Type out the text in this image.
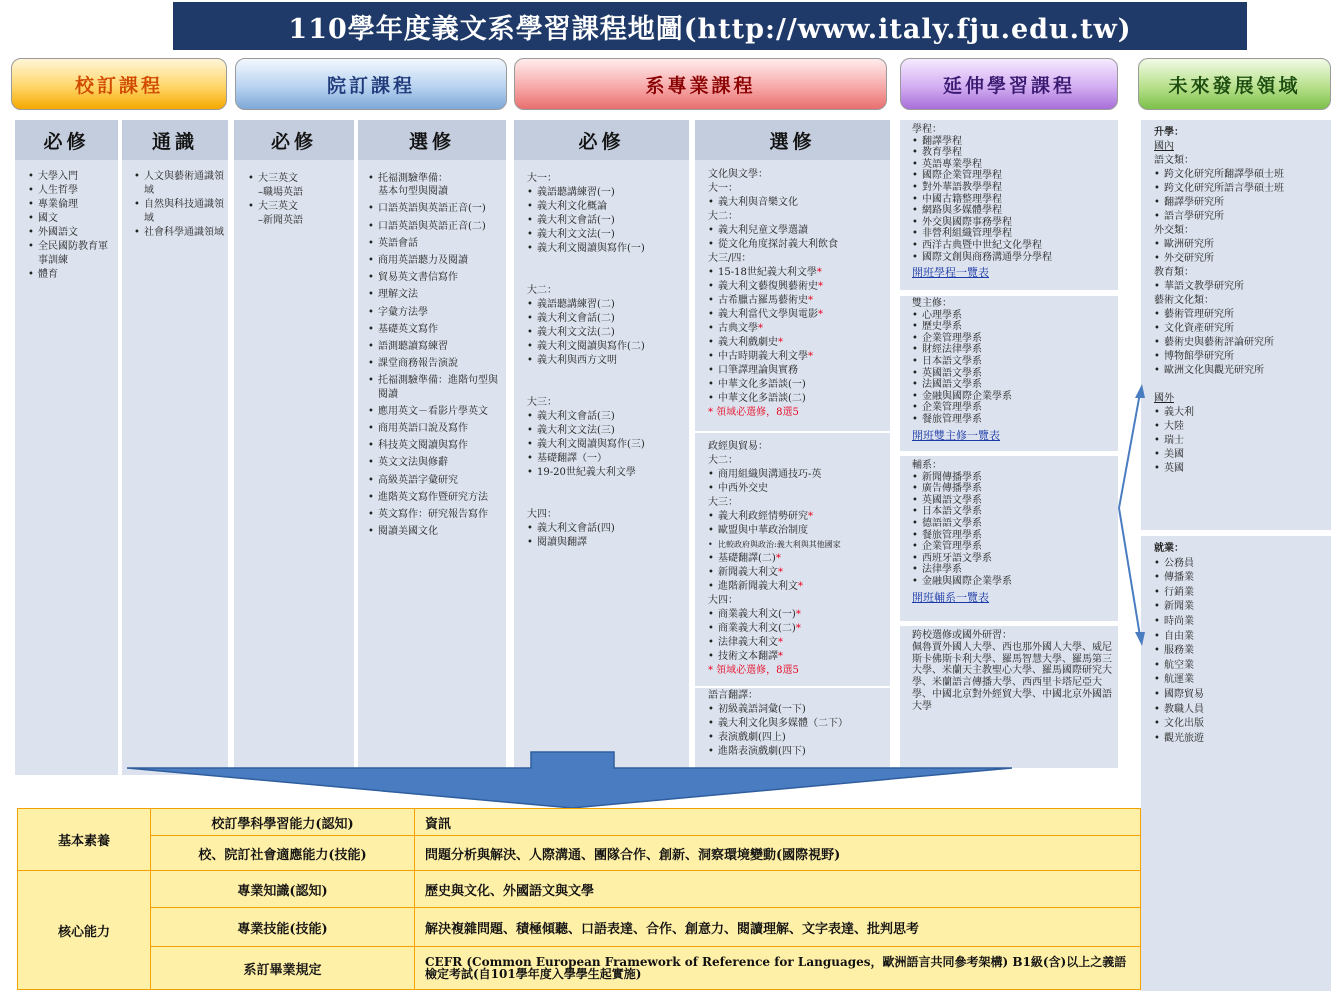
110學年度義文系學習課程地圖(http://www.italy.fju.edu.tw)
校訂課程	院訂課程	系專業課程	延伸學習課程	未來發展領域
必修	通識
• 大學入門
• 人生哲學
• 專業倫理
• 國文
• 外國語文
• 全民國防教育軍事訓練
• 體育
• 人文與藝術通識領域
• 自然與科技通識領域
• 社會科學通識領域
必修	選修
• 大三英文
–職場英語
• 大三英文
–新聞英語
• 托福測驗準備：
基本句型與閱讀
• 口語英語與英語正音(一)
• 口語英語與英語正音(二)
• 英語會話
• 商用英語聽力及閱讀
• 貿易英文書信寫作
• 理解文法
• 字彙方法學
• 基礎英文寫作
• 語測聽讀寫練習
• 課堂商務報告演說
• 托福測驗準備：進階句型與閱讀
• 應用英文－看影片學英文
• 商用英語口說及寫作
• 科技英文閱讀與寫作
• 英文文法與修辭
• 高級英語字彙研究
• 進階英文寫作暨研究方法
• 英文寫作：研究報告寫作
• 閱讀美國文化
必修
大一：
• 義語聽講練習(一)
• 義大利文化概論
• 義大利文會話(一)
• 義大利文文法(一)
• 義大利文閱讀與寫作(一)
大二：
• 義語聽講練習(二)
• 義大利文會話(二)
• 義大利文文法(二)
• 義大利文閱讀與寫作(二)
• 義大利與西方文明
大三：
• 義大利文會話(三)
• 義大利文文法(三)
• 義大利文閱讀與寫作(三)
• 基礎翻譯（一）
• 19-20世紀義大利文學
大四：
• 義大利文會話(四)
• 閱讀與翻譯
選修
文化與文學：
大一：
• 義大利與音樂文化
大二：
• 義大利兒童文學選讀
• 從文化角度探討義大利飲食
大三/四：
• 15-18世紀義大利文學*
• 義大利文藝復興藝術史*
• 古希臘古羅馬藝術史*
• 義大利當代文學與電影*
• 古典文學*
• 義大利戲劇史*
• 中古時期義大利文學*
• 口筆譯理論與實務
• 中華文化多語談(一)
• 中華文化多語談(二)
* 領域必選修，8選5
政經與貿易：
大二：
• 商用組織與溝通技巧-英
• 中西外交史
大三：
• 義大利政經情勢研究*
• 歐盟與中華政治制度
• 比較政府與政治:義大利與其他國家
• 基礎翻譯(二)*
• 新聞義大利文*
• 進階新聞義大利文*
大四：
• 商業義大利文(一)*
• 商業義大利文(二)*
• 法律義大利文*
• 技術文本翻譯*
* 領域必選修，8選5
語言翻譯：
• 初級義語詞彙(一下)
• 義大利文化與多媒體（二下）
• 表演戲劇(四上)
• 進階表演戲劇(四下)
學程：
• 翻譯學程
• 教育學程
• 英語專業學程
• 國際企業管理學程
• 對外華語教學學程
• 中國古籍整理學程
• 網路與多媒體學程
• 外交與國際事務學程
• 非營利組織管理學程
• 西洋古典暨中世紀文化學程
• 國際文創與商務溝通學分學程
開班學程一覽表
雙主修：
• 心理學系
• 歷史學系
• 企業管理學系
• 財經法律學系
• 日本語文學系
• 英國語文學系
• 法國語文學系
• 金融與國際企業學系
• 企業管理學系
• 餐旅管理學系
開班雙主修一覽表
輔系：
• 新聞傳播學系
• 廣告傳播學系
• 英國語文學系
• 日本語文學系
• 德語語文學系
• 餐旅管理學系
• 企業管理學系
• 西班牙語文學系
• 法律學系
• 金融與國際企業學系
開班輔系一覽表
跨校選修或國外研習：
佩魯賈外國人大學、西也那外國人大學、威尼斯卡佛斯卡利大學、羅馬智慧大學、羅馬第三大學、米蘭天主教聖心大學、羅馬國際研究大學、米蘭語言傳播大學、西西里卡塔尼亞大學、中國北京對外經貿大學、中國北京外國語大學
升學：
國內
語文類：
• 跨文化研究所翻譯學碩士班
• 跨文化研究所語言學碩士班
• 翻譯學研究所
• 語言學研究所
外交類：
• 歐洲研究所
• 外交研究所
教育類：
• 華語文教學研究所
藝術文化類：
• 藝術管理研究所
• 文化資產研究所
• 藝術史與藝術評論研究所
• 博物館學研究所
• 歐洲文化與觀光研究所
國外
• 義大利
• 大陸
• 瑞士
• 美國
• 英國
就業：
• 公務員
• 傳播業
• 行銷業
• 新聞業
• 時尚業
• 自由業
• 服務業
• 航空業
• 航運業
• 國際貿易
• 教職人員
• 文化出版
• 觀光旅遊
基本素養	校訂學科學習能力(認知)	資訊
	校、院訂社會適應能力(技能)	問題分析與解決、人際溝通、團隊合作、創新、洞察環境變動(國際視野)
核心能力	專業知識(認知)	歷史與文化、外國語文與文學
	專業技能(技能)	解決複雜問題、積極傾聽、口語表達、合作、創意力、閱讀理解、文字表達、批判思考
	系訂畢業規定	CEFR (Common European Framework of Reference for Languages，歐洲語言共同參考架構) B1級(含)以上之義語檢定考試(自101學年度入學學生起實施)
